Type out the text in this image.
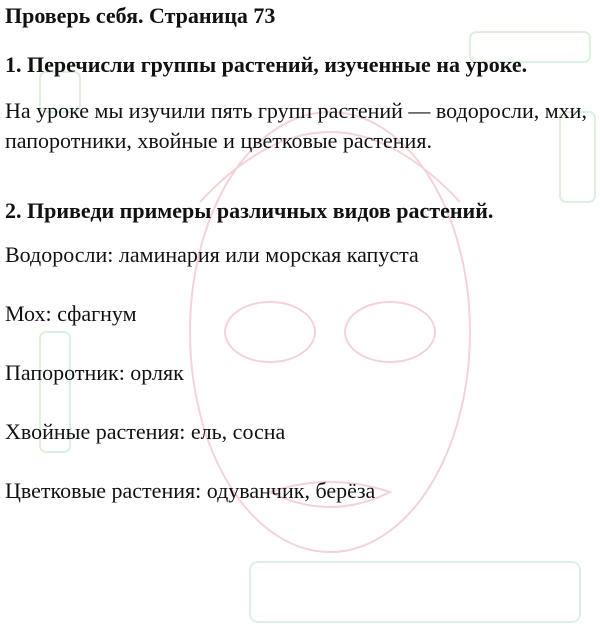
Проверь себя. Страница 73
1. Перечисли группы растений, изученные на уроке.
На уроке мы изучили пять групп растений — водоросли, мхи, папоротники, хвойные и цветковые растения.
2. Приведи примеры различных видов растений.
Водоросли: ламинария или морская капуста
Мох: сфагнум
Папоротник: орляк
Хвойные растения: ель, сосна
Цветковые растения: одуванчик, берёза
